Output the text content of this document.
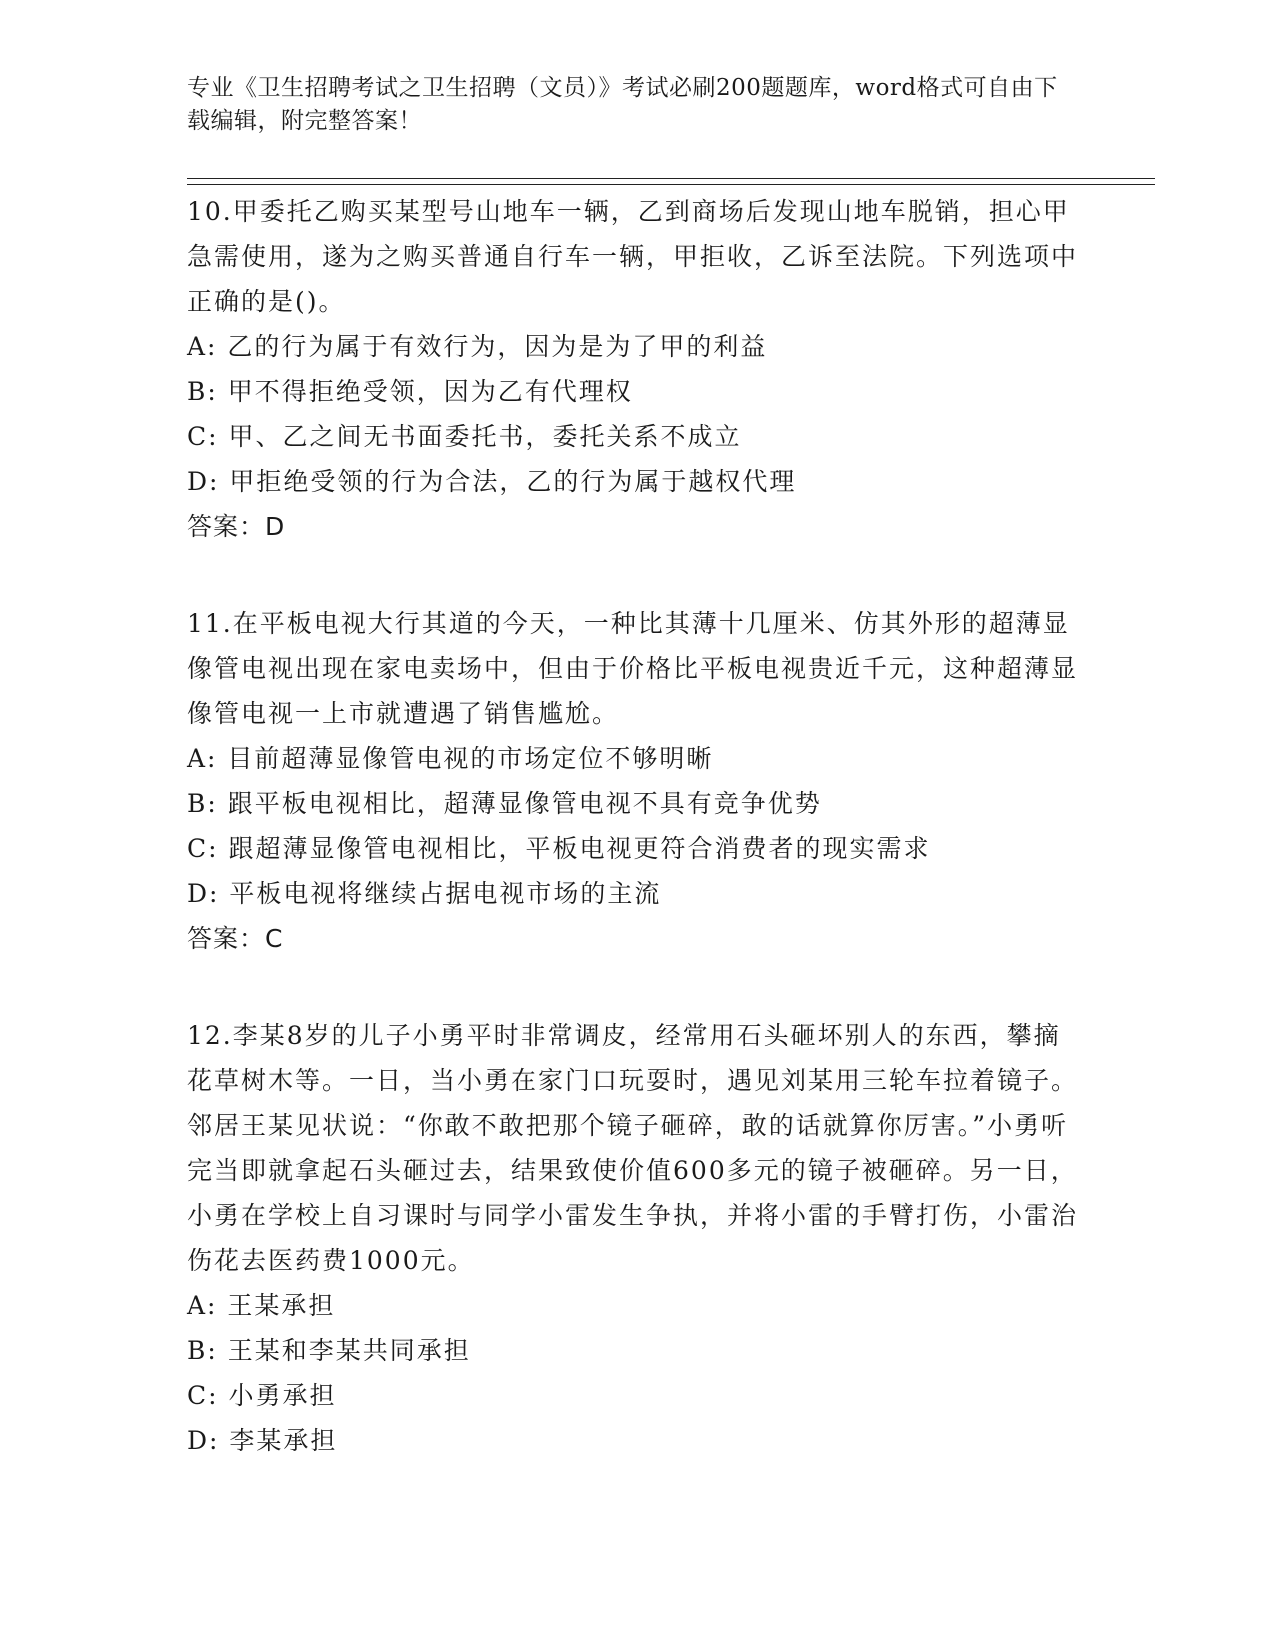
专业《卫生招聘考试之卫生招聘（文员）》考试必刷200题题库，word格式可自由下载编辑，附完整答案！

10.甲委托乙购买某型号山地车一辆，乙到商场后发现山地车脱销，担心甲急需使用，遂为之购买普通自行车一辆，甲拒收，乙诉至法院。下列选项中正确的是()。

A: 乙的行为属于有效行为，因为是为了甲的利益

B: 甲不得拒绝受领，因为乙有代理权

C: 甲、乙之间无书面委托书，委托关系不成立

D: 甲拒绝受领的行为合法，乙的行为属于越权代理

答案：D

11.在平板电视大行其道的今天，一种比其薄十几厘米、仿其外形的超薄显像管电视出现在家电卖场中，但由于价格比平板电视贵近千元，这种超薄显像管电视一上市就遭遇了销售尴尬。

A: 目前超薄显像管电视的市场定位不够明晰

B: 跟平板电视相比，超薄显像管电视不具有竞争优势

C: 跟超薄显像管电视相比，平板电视更符合消费者的现实需求

D: 平板电视将继续占据电视市场的主流

答案：C

12.李某8岁的儿子小勇平时非常调皮，经常用石头砸坏别人的东西，攀摘花草树木等。一日，当小勇在家门口玩耍时，遇见刘某用三轮车拉着镜子。邻居王某见状说：“你敢不敢把那个镜子砸碎，敢的话就算你厉害。”小勇听完当即就拿起石头砸过去，结果致使价值600多元的镜子被砸碎。另一日，小勇在学校上自习课时与同学小雷发生争执，并将小雷的手臂打伤，小雷治伤花去医药费1000元。

A: 王某承担

B: 王某和李某共同承担

C: 小勇承担

D: 李某承担
